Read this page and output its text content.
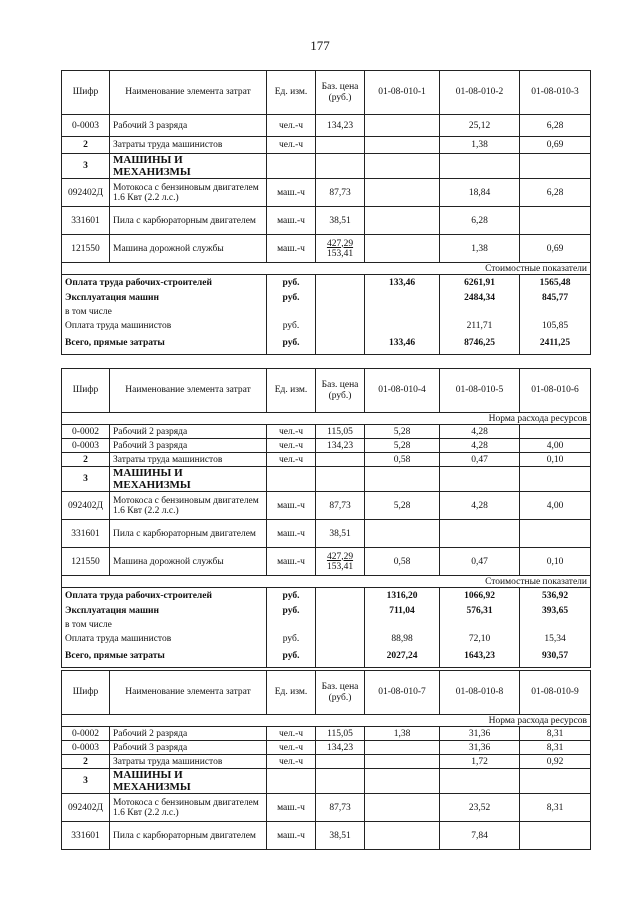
177
Шифр	Наименование элемента затрат	Ед. изм.	Баз. цена (руб.)	01-08-010-1	01-08-010-2	01-08-010-3
0-0003	Рабочий 3 разряда	чел.-ч	134,23		25,12	6,28
2	Затраты труда машинистов	чел.-ч			1,38	0,69
3	МАШИНЫ И МЕХАНИЗМЫ					
092402Д	Мотокоса с бензиновым двигателем 1.6 Квт (2.2 л.с.)	маш.-ч	87,73		18,84	6,28
331601	Пила с карбюраторным двигателем	маш.-ч	38,51		6,28	
121550	Машина дорожной службы	маш.-ч	427,29
153,41		1,38	0,69
Стоимостные показатели						
Оплата труда рабочих-строителей		руб.		133,46	6261,91	1565,48
Эксплуатация машин		руб.			2484,34	845,77
в том числе						
Оплата труда машинистов		руб.			211,71	105,85
Всего, прямые затраты		руб.		133,46	8746,25	2411,25
Шифр	Наименование элемента затрат	Ед. изм.	Баз. цена (руб.)	01-08-010-4	01-08-010-5	01-08-010-6
Норма расхода ресурсов						
0-0002	Рабочий 2 разряда	чел.-ч	115,05	5,28	4,28	
0-0003	Рабочий 3 разряда	чел.-ч	134,23	5,28	4,28	4,00
2	Затраты труда машинистов	чел.-ч		0,58	0,47	0,10
3	МАШИНЫ И МЕХАНИЗМЫ					
092402Д	Мотокоса с бензиновым двигателем 1.6 Квт (2.2 л.с.)	маш.-ч	87,73	5,28	4,28	4,00
331601	Пила с карбюраторным двигателем	маш.-ч	38,51			
121550	Машина дорожной службы	маш.-ч	427,29
153,41	0,58	0,47	0,10
Стоимостные показатели						
Оплата труда рабочих-строителей		руб.		1316,20	1066,92	536,92
Эксплуатация машин		руб.		711,04	576,31	393,65
в том числе						
Оплата труда машинистов		руб.		88,98	72,10	15,34
Всего, прямые затраты		руб.		2027,24	1643,23	930,57
Шифр	Наименование элемента затрат	Ед. изм.	Баз. цена (руб.)	01-08-010-7	01-08-010-8	01-08-010-9
Норма расхода ресурсов						
0-0002	Рабочий 2 разряда	чел.-ч	115,05	1,38	31,36	8,31
0-0003	Рабочий 3 разряда	чел.-ч	134,23		31,36	8,31
2	Затраты труда машинистов	чел.-ч			1,72	0,92
3	МАШИНЫ И МЕХАНИЗМЫ					
092402Д	Мотокоса с бензиновым двигателем 1.6 Квт (2.2 л.с.)	маш.-ч	87,73		23,52	8,31
331601	Пила с карбюраторным двигателем	маш.-ч	38,51		7,84	
